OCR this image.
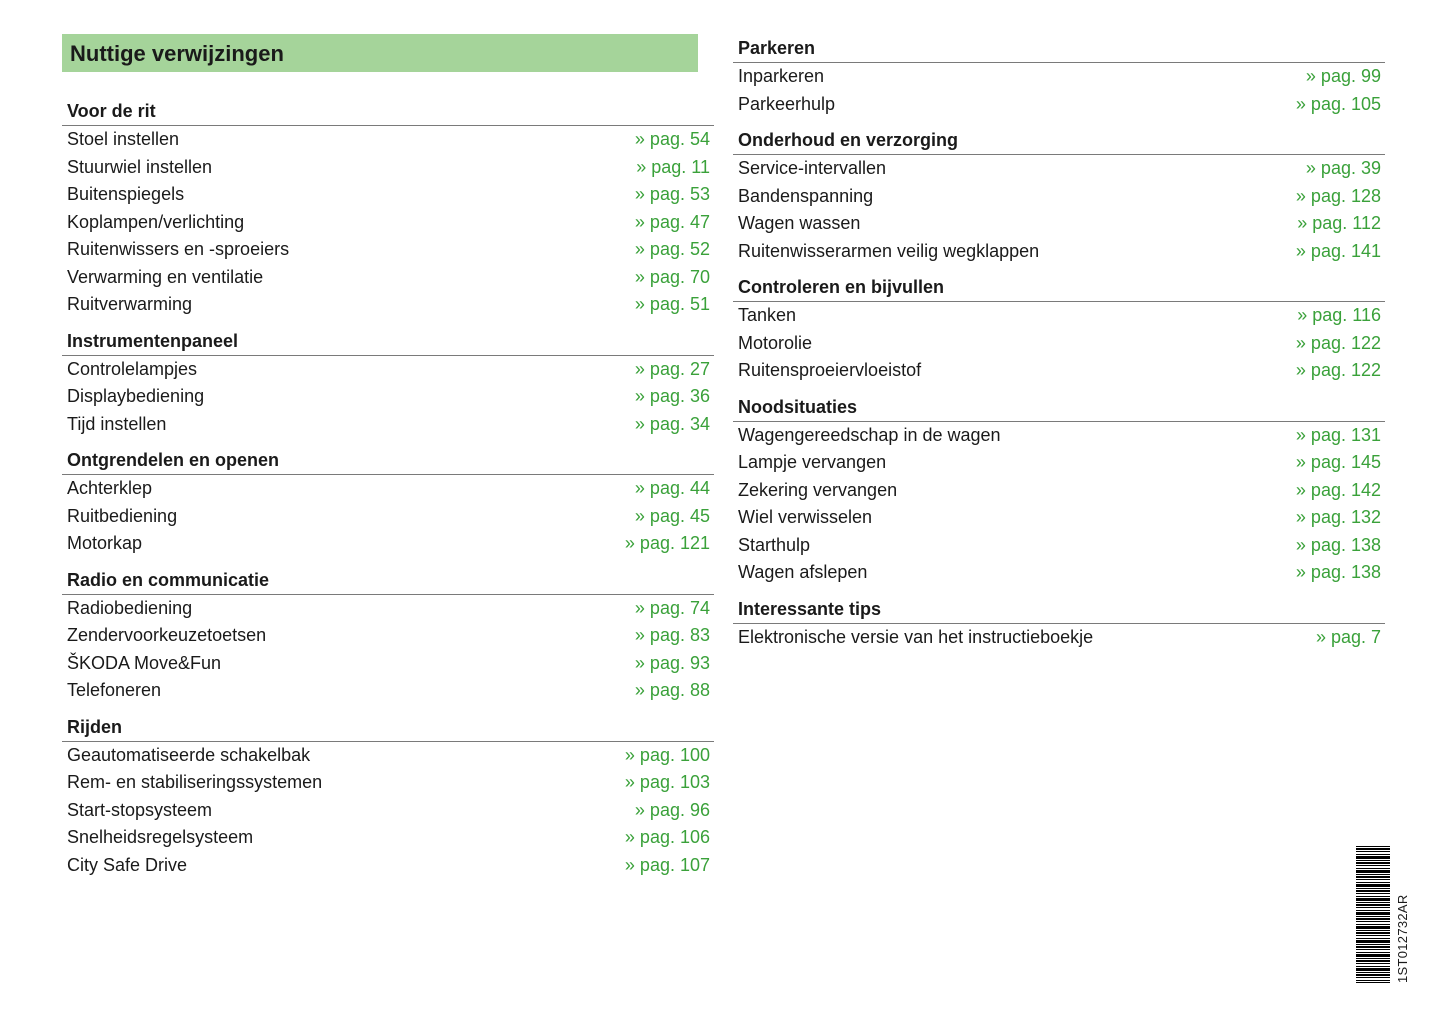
Nuttige verwijzingen
Voor de rit
Stoel instellen	» pag. 54
Stuurwiel instellen	» pag. 11
Buitenspiegels	» pag. 53
Koplampen/verlichting	» pag. 47
Ruitenwissers en -sproeiers	» pag. 52
Verwarming en ventilatie	» pag. 70
Ruitverwarming	» pag. 51
Instrumentenpaneel
Controlelampjes	» pag. 27
Displaybediening	» pag. 36
Tijd instellen	» pag. 34
Ontgrendelen en openen
Achterklep	» pag. 44
Ruitbediening	» pag. 45
Motorkap	» pag. 121
Radio en communicatie
Radiobediening	» pag. 74
Zendervoorkeuzetoetsen	» pag. 83
ŠKODA Move&Fun	» pag. 93
Telefoneren	» pag. 88
Rijden
Geautomatiseerde schakelbak	» pag. 100
Rem- en stabiliseringssystemen	» pag. 103
Start-stopsysteem	» pag. 96
Snelheidsregelsysteem	» pag. 106
City Safe Drive	» pag. 107
Parkeren
Inparkeren	» pag. 99
Parkeerhulp	» pag. 105
Onderhoud en verzorging
Service-intervallen	» pag. 39
Bandenspanning	» pag. 128
Wagen wassen	» pag. 112
Ruitenwisserarmen veilig wegklappen	» pag. 141
Controleren en bijvullen
Tanken	» pag. 116
Motorolie	» pag. 122
Ruitensproeiervloeistof	» pag. 122
Noodsituaties
Wagengereedschap in de wagen	» pag. 131
Lampje vervangen	» pag. 145
Zekering vervangen	» pag. 142
Wiel verwisselen	» pag. 132
Starthulp	» pag. 138
Wagen afslepen	» pag. 138
Interessante tips
Elektronische versie van het instructieboekje	» pag. 7
1ST012732AR
